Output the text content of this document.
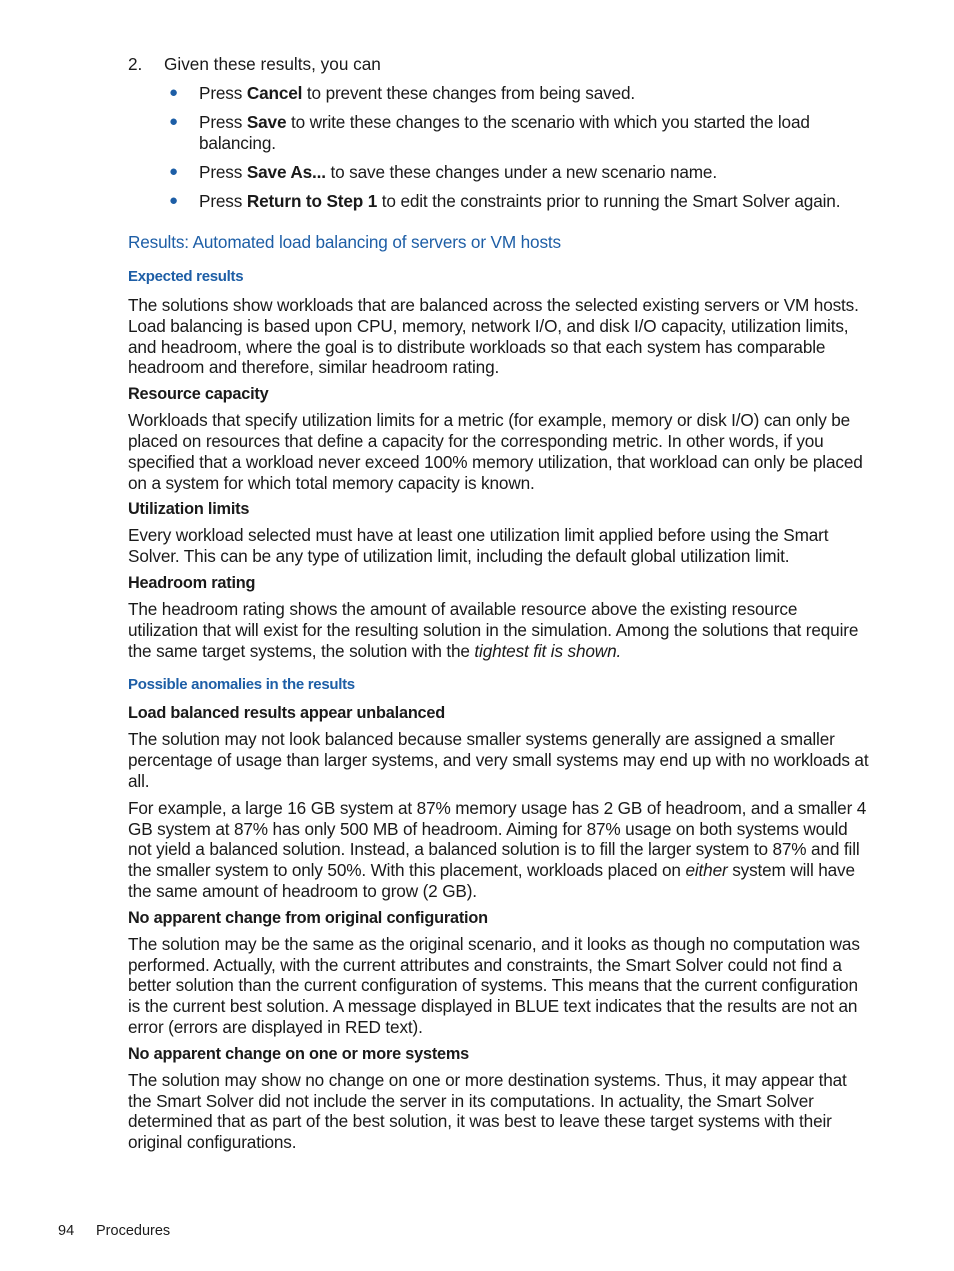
2. Given these results, you can
● Press Cancel to prevent these changes from being saved.
● Press Save to write these changes to the scenario with which you started the load balancing.
● Press Save As... to save these changes under a new scenario name.
● Press Return to Step 1 to edit the constraints prior to running the Smart Solver again.
Results: Automated load balancing of servers or VM hosts
Expected results

The solutions show workloads that are balanced across the selected existing servers or VM hosts. Load balancing is based upon CPU, memory, network I/O, and disk I/O capacity, utilization limits, and headroom, where the goal is to distribute workloads so that each system has comparable headroom and therefore, similar headroom rating.

Resource capacity

Workloads that specify utilization limits for a metric (for example, memory or disk I/O) can only be placed on resources that define a capacity for the corresponding metric. In other words, if you specified that a workload never exceed 100% memory utilization, that workload can only be placed on a system for which total memory capacity is known.

Utilization limits

Every workload selected must have at least one utilization limit applied before using the Smart Solver. This can be any type of utilization limit, including the default global utilization limit.

Headroom rating

The headroom rating shows the amount of available resource above the existing resource utilization that will exist for the resulting solution in the simulation. Among the solutions that require the same target systems, the solution with the tightest fit is shown.

Possible anomalies in the results
Load balanced results appear unbalanced

The solution may not look balanced because smaller systems generally are assigned a smaller percentage of usage than larger systems, and very small systems may end up with no workloads at all.

For example, a large 16 GB system at 87% memory usage has 2 GB of headroom, and a smaller 4 GB system at 87% has only 500 MB of headroom. Aiming for 87% usage on both systems would not yield a balanced solution. Instead, a balanced solution is to fill the larger system to 87% and fill the smaller system to only 50%. With this placement, workloads placed on either system will have the same amount of headroom to grow (2 GB).

No apparent change from original configuration

The solution may be the same as the original scenario, and it looks as though no computation was performed. Actually, with the current attributes and constraints, the Smart Solver could not find a better solution than the current configuration of systems. This means that the current configuration is the current best solution. A message displayed in BLUE text indicates that the results are not an error (errors are displayed in RED text).

No apparent change on one or more systems

The solution may show no change on one or more destination systems. Thus, it may appear that the Smart Solver did not include the server in its computations. In actuality, the Smart Solver determined that as part of the best solution, it was best to leave these target systems with their original configurations.

94 Procedures
